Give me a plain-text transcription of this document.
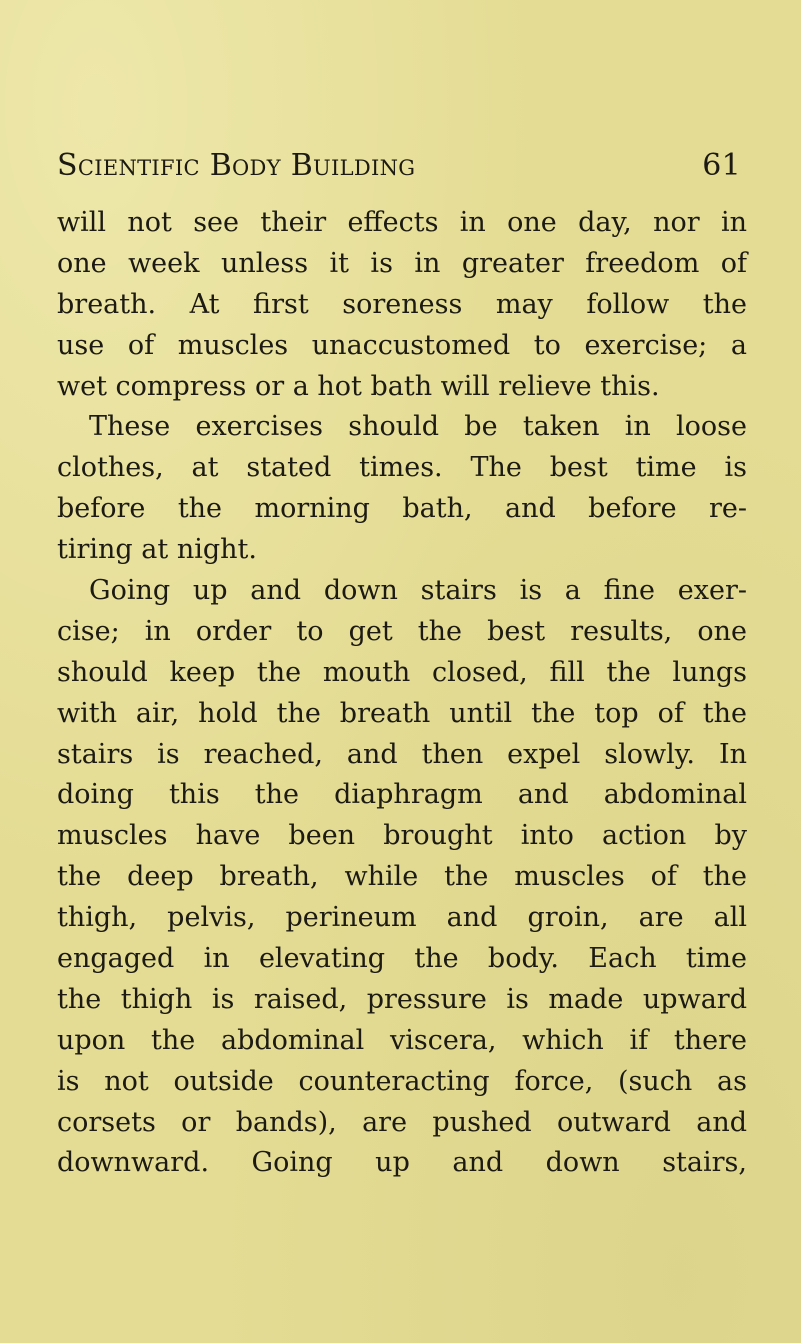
Scientific Body Building	61
will not see their effects in one day, nor in
one week unless it is in greater freedom of
breath. At first soreness may follow the
use of muscles unaccustomed to exercise; a
wet compress or a hot bath will relieve this.
These exercises should be taken in loose
clothes, at stated times. The best time is
before the morning bath, and before re-
tiring at night.
Going up and down stairs is a fine exer-
cise; in order to get the best results, one
should keep the mouth closed, fill the lungs
with air, hold the breath until the top of the
stairs is reached, and then expel slowly. In
doing this the diaphragm and abdominal
muscles have been brought into action by
the deep breath, while the muscles of the
thigh, pelvis, perineum and groin, are all
engaged in elevating the body. Each time
the thigh is raised, pressure is made upward
upon the abdominal viscera, which if there
is not outside counteracting force, (such as
corsets or bands), are pushed outward and
downward. Going up and down stairs,
